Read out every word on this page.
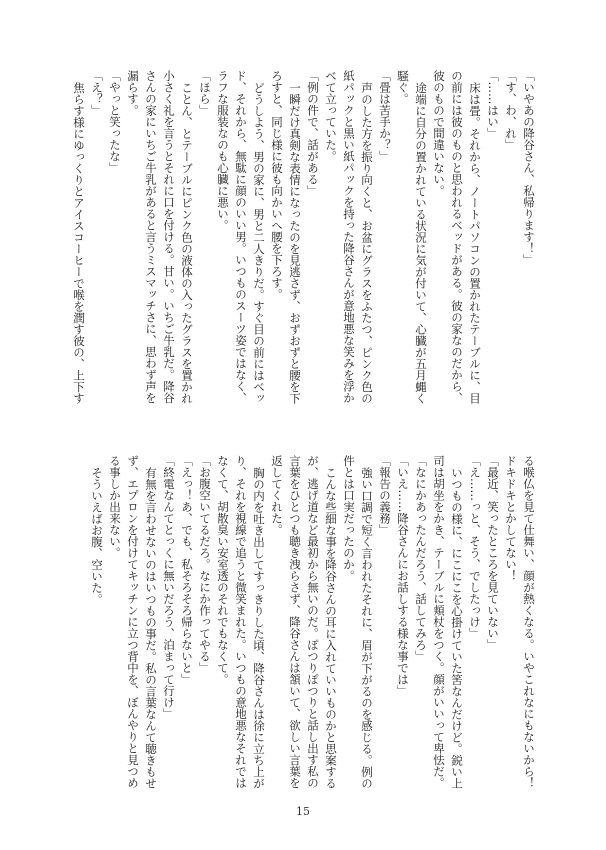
「いやあの降谷さん、私帰ります！」

「す、わ、れ」

「……はい」

床は畳。それから、ノートパソコンの置かれたテーブルに、目の前には彼のものと思われるベッドがある。彼の家なのだから、彼のもので間違いない。

途端に自分の置かれている状況に気が付いて、心臓が五月蝿く騒ぐ。

「畳は苦手か？」

声のした方を振り向くと、お盆にグラスをふたつ、ピンク色の紙パックと黒い紙パックを持った降谷さんが意地悪な笑みを浮かべて立っていた。

「例の件で、話がある」

一瞬だけ真剣な表情になったのを見逃さず、おずおずと腰を下ろすと、同じ様に彼も向かいへ腰を下ろす。

どうしよう、男の家に、男と二人きりだ。すぐ目の前にはベッド、それから、無駄に顔のいい男。いつものスーツ姿ではなく、ラフな服装なのも心臓に悪い。

「ほら」

ことん、とテーブルにピンク色の液体の入ったグラスを置かれ小さく礼を言うとそれに口を付ける。甘い。いちご牛乳だ。降谷さんの家にいちご牛乳があると言うミスマッチさに、思わず声を漏らす。

「やっと笑ったな」

「え？」

焦らす様にゆっくりとアイスコーヒーで喉を潤す彼の、上下す

る喉仏を見て仕舞い、顔が熱くなる。いやこれなにもないから！ドキドキとかしてない！

「最近、笑ったところを見ていない」

「え……っと、そう、でしたっけ」

いつもの様に、にこにこを心掛けていた筈なんだけど。鋭い上司は胡坐をかき、テーブルに頬杖をつく。顔がいいって卑怯だ。

「なにかあったんだろう、話してみろ」

「いえ……降谷さんにお話しする様な事では」

「報告の義務」

強い口調で短く言われたそれに、眉が下がるのを感じる。例の件とは口実だったのか。

こんな些細な事を降谷さんの耳に入れていいものかと思案するが、逃げ道など最初から無いのだ。ぽつりぽつりと話し出す私の言葉をひとつも聴き洩らさず、降谷さんは頷いて、欲しい言葉を返してくれた。

胸の内を吐き出してすっきりした頃、降谷さんは徐に立ち上がり、それを視線で追うと微笑まれた。いつもの意地悪なそれではなくて、胡散臭い安室透のそれでもなくて。

「お腹空いてるだろ。なにか作ってやる」

「えっ！あ、でも、私そろそろ帰らないと」

「終電なんてとっくに無いだろう、泊まって行け」

有無を言わせないのはいつもの事だ。私の言葉なんて聴きもせず、エプロンを付けてキッチンに立つ背中を、ぼんやりと見つめる事しか出来ない。

そういえばお腹、空いた。

15
